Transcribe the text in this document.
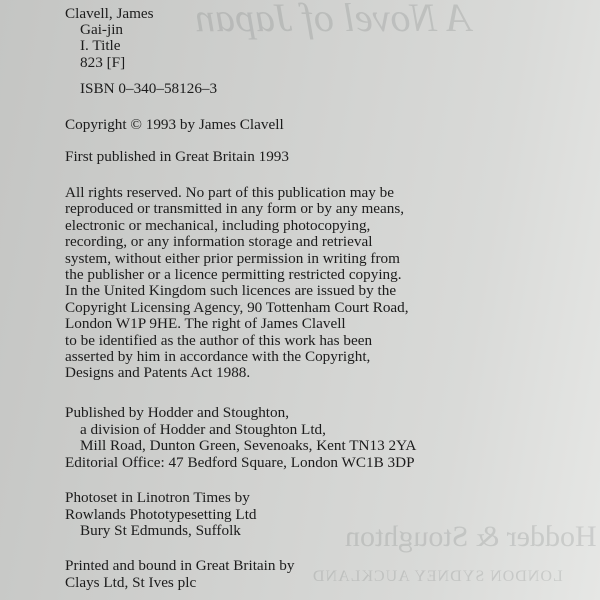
A Novel of Japan
Hodder & Stoughton
LONDON SYDNEY AUCKLAND
Clavell, James
Gai-jin
I. Title
823 [F]
ISBN 0–340–58126–3
Copyright © 1993 by James Clavell
First published in Great Britain 1993
All rights reserved. No part of this publication may be
reproduced or transmitted in any form or by any means,
electronic or mechanical, including photocopying,
recording, or any information storage and retrieval
system, without either prior permission in writing from
the publisher or a licence permitting restricted copying.
In the United Kingdom such licences are issued by the
Copyright Licensing Agency, 90 Tottenham Court Road,
London W1P 9HE. The right of James Clavell
to be identified as the author of this work has been
asserted by him in accordance with the Copyright,
Designs and Patents Act 1988.
Published by Hodder and Stoughton,
a division of Hodder and Stoughton Ltd,
Mill Road, Dunton Green, Sevenoaks, Kent TN13 2YA
Editorial Office: 47 Bedford Square, London WC1B 3DP
Photoset in Linotron Times by
Rowlands Phototypesetting Ltd
Bury St Edmunds, Suffolk
Printed and bound in Great Britain by
Clays Ltd, St Ives plc
